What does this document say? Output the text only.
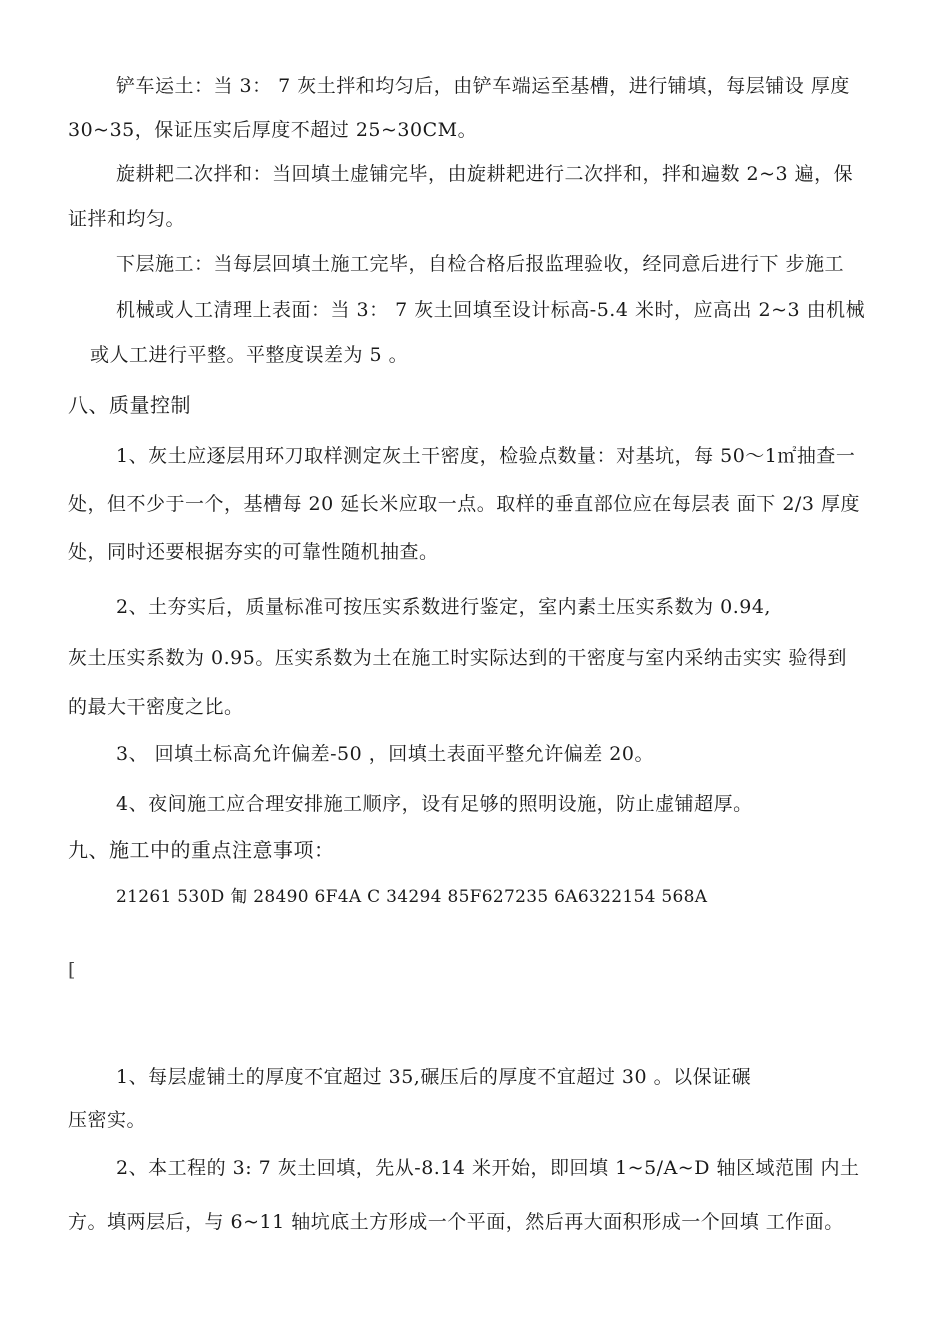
铲车运土：当 3： 7 灰土拌和均匀后，由铲车端运至基槽，进行铺填，每层铺设 厚度
30~35，保证压实后厚度不超过 25~30CM。
旋耕耙二次拌和：当回填土虚铺完毕，由旋耕耙进行二次拌和，拌和遍数 2~3 遍，保
证拌和均匀。
下层施工：当每层回填土施工完毕，自检合格后报监理验收，经同意后进行下 步施工
机械或人工清理上表面：当 3： 7 灰土回填至设计标高-5.4 米时，应高出 2~3 由机械
或人工进行平整。平整度误差为 5 。
八、质量控制
1、灰土应逐层用环刀取样测定灰土干密度，检验点数量：对基坑，每 50〜1㎡抽查一
处，但不少于一个，基槽每 20 延长米应取一点。取样的垂直部位应在每层表 面下 2/3 厚度
处，同时还要根据夯实的可靠性随机抽查。
2、土夯实后，质量标准可按压实系数进行鉴定，室内素土压实系数为 0.94,
灰土压实系数为 0.95。压实系数为土在施工时实际达到的干密度与室内采纳击实实 验得到
的最大干密度之比。
3、 回填土标高允许偏差-50 ，回填土表面平整允许偏差 20。
4、夜间施工应合理安排施工顺序，设有足够的照明设施，防止虚铺超厚。
九、施工中的重点注意事项：
21261 530D 匍 28490 6F4A C 34294 85F627235 6A6322154 568A
[
1、每层虚铺土的厚度不宜超过 35,碾压后的厚度不宜超过 30 。以保证碾
压密实。
2、本工程的 3: 7 灰土回填，先从-8.14 米开始，即回填 1~5/A~D 轴区域范围 内土
方。填两层后，与 6~11 轴坑底土方形成一个平面，然后再大面积形成一个回填 工作面。
